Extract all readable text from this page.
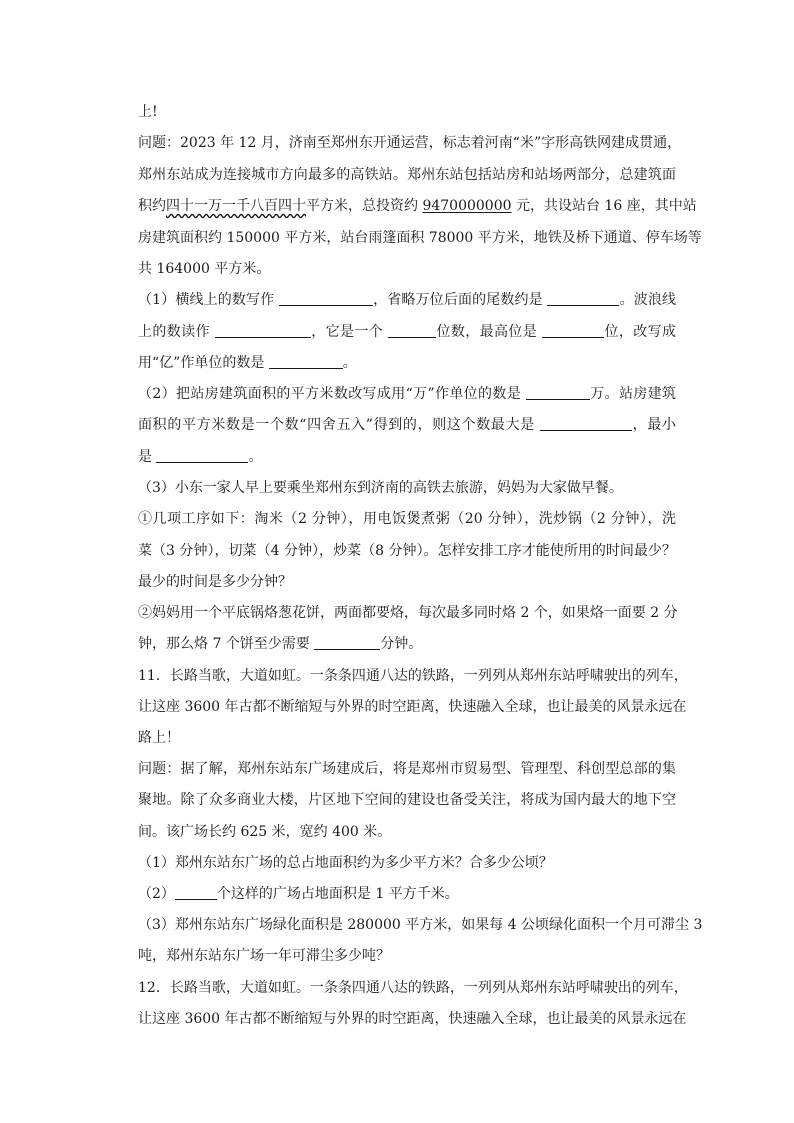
上!
问题：2023 年 12 月，济南至郑州东开通运营，标志着河南“米”字形高铁网建成贯通，
郑州东站成为连接城市方向最多的高铁站。郑州东站包括站房和站场两部分，总建筑面
积约四十一万一千八百四十平方米，总投资约 9470000000 元，共设站台 16 座，其中站
房建筑面积约 150000 平方米，站台雨篷面积 78000 平方米，地铁及桥下通道、停车场等
共 164000 平方米。
（1）横线上的数写作	，省略万位后面的尾数约是	。波浪线
上的数读作	，它是一个	位数，最高位是	位，改写成
用“亿”作单位的数是	。
（2）把站房建筑面积的平方米数改写成用“万”作单位的数是	万。站房建筑
面积的平方米数是一个数“四舍五入”得到的，则这个数最大是	，最小
是	。
（3）小东一家人早上要乘坐郑州东到济南的高铁去旅游，妈妈为大家做早餐。
①几项工序如下：淘米（2 分钟），用电饭煲煮粥（20 分钟），洗炒锅（2 分钟），洗
菜（3 分钟），切菜（4 分钟），炒菜（8 分钟）。怎样安排工序才能使所用的时间最少？
最少的时间是多少分钟？
②妈妈用一个平底锅烙葱花饼，两面都要烙，每次最多同时烙 2 个，如果烙一面要 2 分
钟，那么烙 7 个饼至少需要	分钟。
11．长路当歌，大道如虹。一条条四通八达的铁路，一列列从郑州东站呼啸驶出的列车，
让这座 3600 年古都不断缩短与外界的时空距离，快速融入全球，也让最美的风景永远在
路上！
问题：据了解，郑州东站东广场建成后，将是郑州市贸易型、管理型、科创型总部的集
聚地。除了众多商业大楼，片区地下空间的建设也备受关注，将成为国内最大的地下空
间。该广场长约 625 米，宽约 400 米。
（1）郑州东站东广场的总占地面积约为多少平方米？合多少公顷？
（2）	个这样的广场占地面积是 1 平方千米。
（3）郑州东站东广场绿化面积是 280000 平方米，如果每 4 公顷绿化面积一个月可滞尘 3
吨，郑州东站东广场一年可滞尘多少吨？
12．长路当歌，大道如虹。一条条四通八达的铁路，一列列从郑州东站呼啸驶出的列车，
让这座 3600 年古都不断缩短与外界的时空距离，快速融入全球，也让最美的风景永远在
